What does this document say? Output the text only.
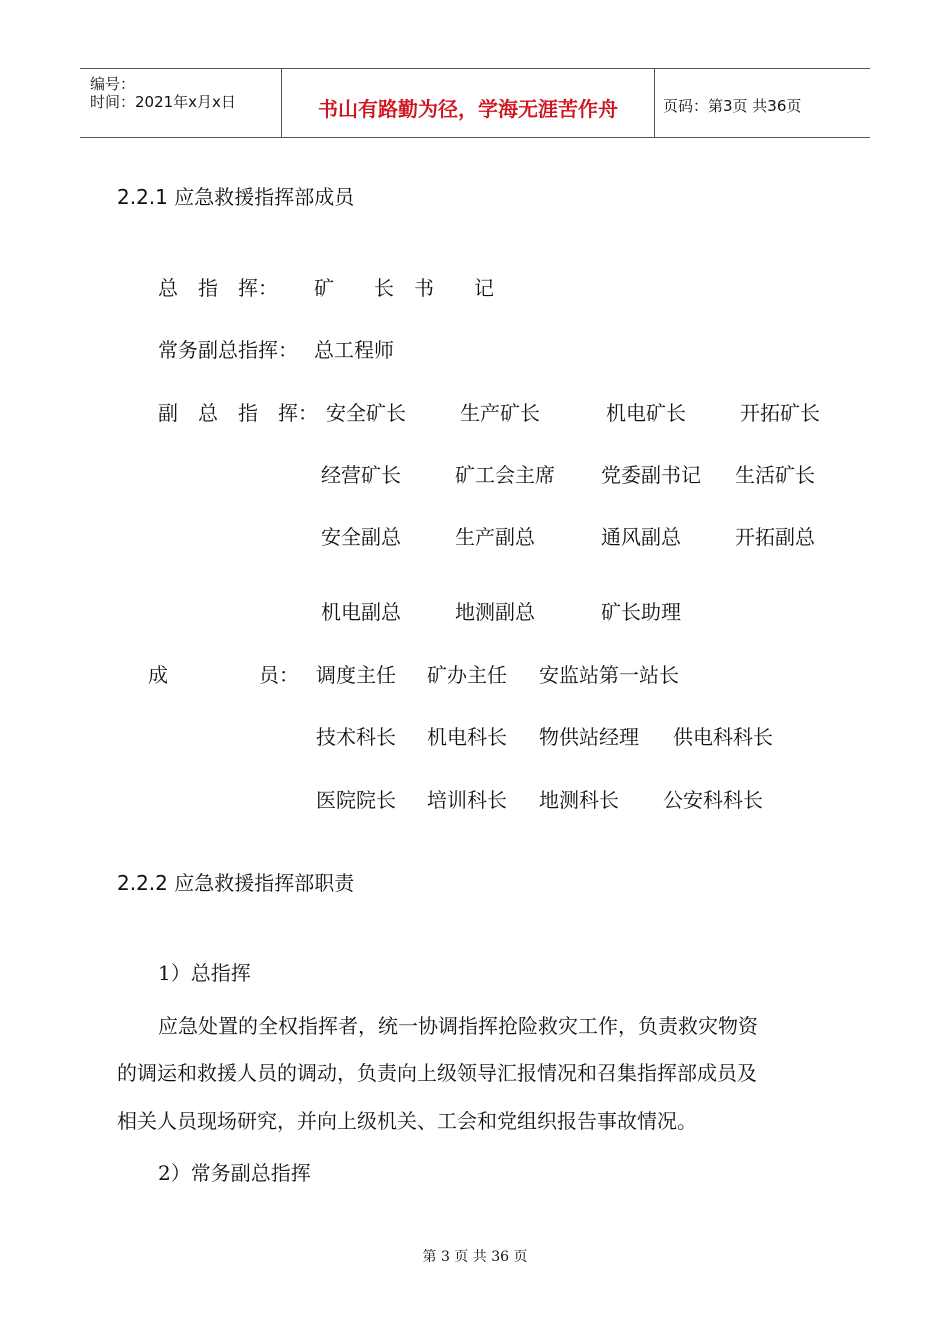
编号：
时间：2021年x月x日	书山有路勤为径，学海无涯苦作舟	页码：第3页 共36页
2.2.1 应急救援指挥部成员
总　指　挥： 矿　　长　书　　记
常务副总指挥： 总工程师
副　总　指　挥： 安全矿长	生产矿长	机电矿长	开拓矿长
经营矿长	矿工会主席 党委副书记 生活矿长
安全副总	生产副总	通风副总	开拓副总
机电副总	地测副总	矿长助理
成	员： 调度主任 矿办主任 安监站第一站长
技术科长 机电科长 物供站经理 供电科科长
医院院长 培训科长 地测科长 公安科科长
2.2.2 应急救援指挥部职责
1）总指挥
应急处置的全权指挥者，统一协调指挥抢险救灾工作，负责救灾物资
的调运和救援人员的调动，负责向上级领导汇报情况和召集指挥部成员及
相关人员现场研究，并向上级机关、工会和党组织报告事故情况。
2）常务副总指挥
第 3 页 共 36 页
